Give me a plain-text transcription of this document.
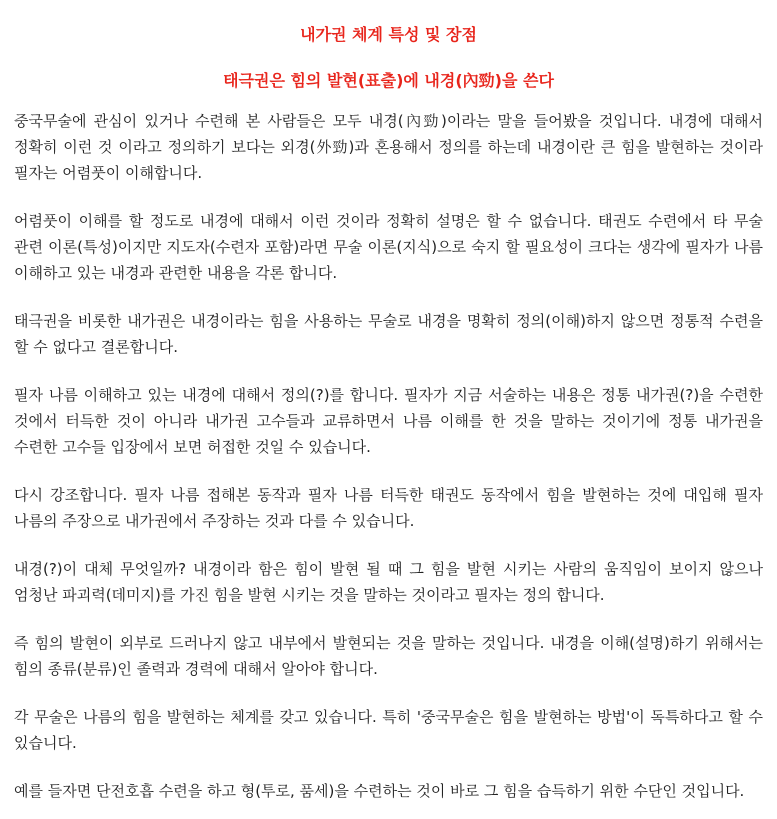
내가권 체계 특성 및 장점
태극권은 힘의 발현(표출)에 내경(內勁)을 쓴다

중국무술에 관심이 있거나 수련해 본 사람들은 모두 내경(內勁)이라는 말을 들어봤을 것입니다. 내경에 대해서 정확히 이런 것 이라고 정의하기 보다는 외경(外勁)과 혼용해서 정의를 하는데 내경이란 큰 힘을 발현하는 것이라 필자는 어렴풋이 이해합니다.

어렴풋이 이해를 할 정도로 내경에 대해서 이런 것이라 정확히 설명은 할 수 없습니다. 태권도 수련에서 타 무술 관련 이론(특성)이지만 지도자(수련자 포함)라면 무술 이론(지식)으로 숙지 할 필요성이 크다는 생각에 필자가 나름 이해하고 있는 내경과 관련한 내용을 각론 합니다.

태극권을 비롯한 내가권은 내경이라는 힘을 사용하는 무술로 내경을 명확히 정의(이해)하지 않으면 정통적 수련을 할 수 없다고 결론합니다.

필자 나름 이해하고 있는 내경에 대해서 정의(?)를 합니다. 필자가 지금 서술하는 내용은 정통 내가권(?)을 수련한 것에서 터득한 것이 아니라 내가권 고수들과 교류하면서 나름 이해를 한 것을 말하는 것이기에 정통 내가권을 수련한 고수들 입장에서 보면 허접한 것일 수 있습니다.

다시 강조합니다. 필자 나름 접해본 동작과 필자 나름 터득한 태권도 동작에서 힘을 발현하는 것에 대입해 필자 나름의 주장으로 내가권에서 주장하는 것과 다를 수 있습니다.

내경(?)이 대체 무엇일까? 내경이라 함은 힘이 발현 될 때 그 힘을 발현 시키는 사람의 움직임이 보이지 않으나 엄청난 파괴력(데미지)를 가진 힘을 발현 시키는 것을 말하는 것이라고 필자는 정의 합니다.

즉 힘의 발현이 외부로 드러나지 않고 내부에서 발현되는 것을 말하는 것입니다. 내경을 이해(설명)하기 위해서는 힘의 종류(분류)인 졸력과 경력에 대해서 알아야 합니다.

각 무술은 나름의 힘을 발현하는 체계를 갖고 있습니다. 특히 '중국무술은 힘을 발현하는 방법'이 독특하다고 할 수 있습니다.

예를 들자면 단전호흡 수련을 하고 형(투로, 품세)을 수련하는 것이 바로 그 힘을 습득하기 위한 수단인 것입니다.
